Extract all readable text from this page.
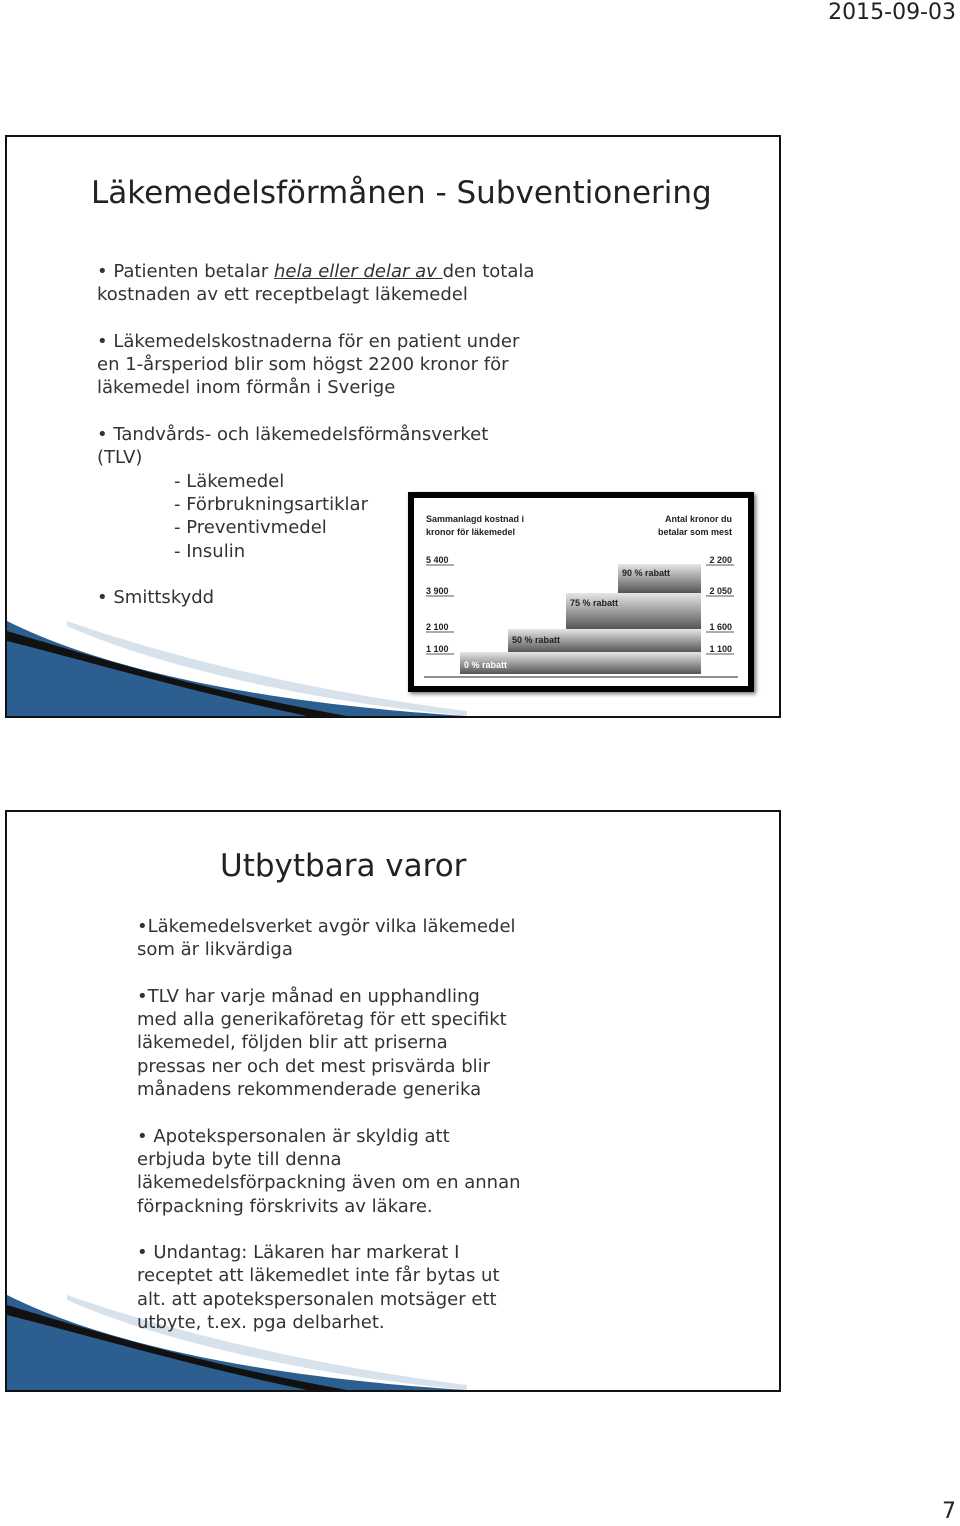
2015-09-03
Läkemedelsförmånen - Subventionering

• Patienten betalar hela eller delar av den totala

kostnaden av ett receptbelagt läkemedel

• Läkemedelskostnaderna för en patient under

en 1-årsperiod blir som högst 2200 kronor för

läkemedel inom förmån i Sverige

• Tandvårds- och läkemedelsförmånsverket

(TLV)

- Läkemedel

- Förbrukningsartiklar

- Preventivmedel

- Insulin

• Smittskydd

Sammanlagd kostnad i
kronor för läkemedel
Antal kronor du
betalar som mest
0 % rabatt
50 % rabatt
75 % rabatt
90 % rabatt
5 400
3 900
2 100
1 100
2 200
2 050
1 600
1 100
Utbytbara varor

•Läkemedelsverket avgör vilka läkemedel

som är likvärdiga

•TLV har varje månad en upphandling

med alla generikaföretag för ett specifikt

läkemedel, följden blir att priserna

pressas ner och det mest prisvärda blir

månadens rekommenderade generika

• Apotekspersonalen är skyldig att

erbjuda byte till denna

läkemedelsförpackning även om en annan

förpackning förskrivits av läkare.

• Undantag: Läkaren har markerat I

receptet att läkemedlet inte får bytas ut

alt. att apotekspersonalen motsäger ett

utbyte, t.ex. pga delbarhet.

7
